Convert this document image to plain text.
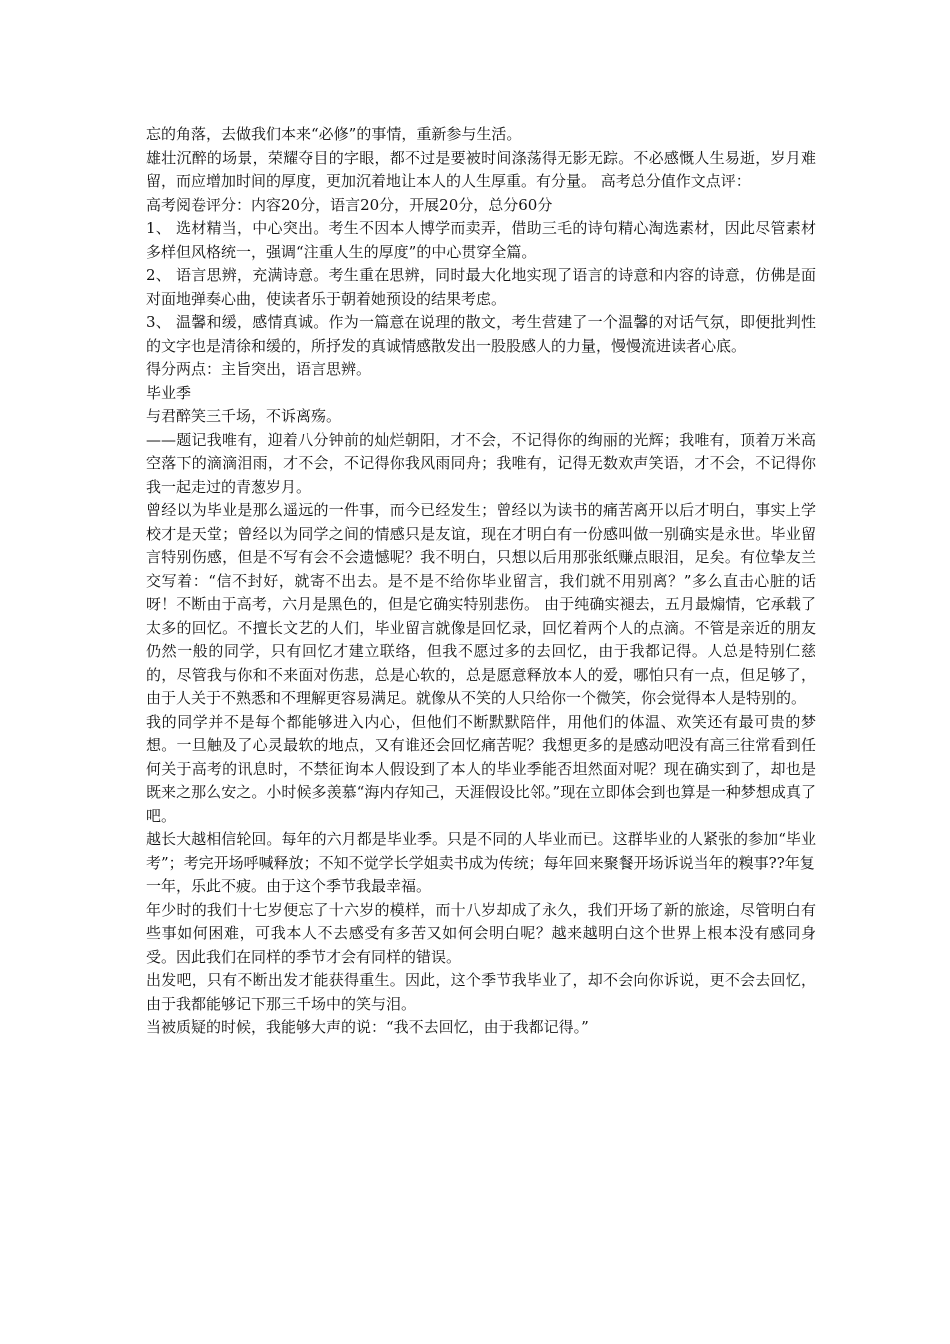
忘的角落，去做我们本来“必修”的事情，重新参与生活。

雄壮沉醉的场景，荣耀夺目的字眼，都不过是要被时间涤荡得无影无踪。不必感慨人生易逝，岁月难留，而应增加时间的厚度，更加沉着地让本人的人生厚重。有分量。 高考总分值作文点评：

高考阅卷评分：内容20分，语言20分，开展20分，总分60分

1、 选材精当，中心突出。考生不因本人博学而卖弄，借助三毛的诗句精心淘选素材，因此尽管素材多样但风格统一，强调“注重人生的厚度”的中心贯穿全篇。

2、 语言思辨，充满诗意。考生重在思辨，同时最大化地实现了语言的诗意和内容的诗意，仿佛是面对面地弹奏心曲，使读者乐于朝着她预设的结果考虑。

3、 温馨和缓，感情真诚。作为一篇意在说理的散文，考生营建了一个温馨的对话气氛，即便批判性的文字也是清徐和缓的，所抒发的真诚情感散发出一股股感人的力量，慢慢流进读者心底。

得分两点：主旨突出，语言思辨。

毕业季

与君醉笑三千场，不诉离殇。

——题记我唯有，迎着八分钟前的灿烂朝阳，才不会，不记得你的绚丽的光辉；我唯有，顶着万米高空落下的滴滴泪雨，才不会，不记得你我风雨同舟；我唯有，记得无数欢声笑语，才不会，不记得你我一起走过的青葱岁月。

曾经以为毕业是那么遥远的一件事，而今已经发生；曾经以为读书的痛苦离开以后才明白，事实上学校才是天堂；曾经以为同学之间的情感只是友谊，现在才明白有一份感叫做一别确实是永世。毕业留言特别伤感，但是不写有会不会遗憾呢？我不明白，只想以后用那张纸赚点眼泪，足矣。有位挚友兰交写着：“信不封好，就寄不出去。是不是不给你毕业留言，我们就不用别离？”多么直击心脏的话呀！不断由于高考，六月是黑色的，但是它确实特别悲伤。 由于纯确实褪去，五月最煽情，它承载了太多的回忆。不擅长文艺的人们，毕业留言就像是回忆录，回忆着两个人的点滴。不管是亲近的朋友仍然一般的同学，只有回忆才建立联络，但我不愿过多的去回忆，由于我都记得。人总是特别仁慈的，尽管我与你和不来面对伤悲，总是心软的，总是愿意释放本人的爱，哪怕只有一点，但足够了，由于人关于不熟悉和不理解更容易满足。就像从不笑的人只给你一个微笑，你会觉得本人是特别的。

我的同学并不是每个都能够进入内心，但他们不断默默陪伴，用他们的体温、欢笑还有最可贵的梦想。一旦触及了心灵最软的地点，又有谁还会回忆痛苦呢？我想更多的是感动吧没有高三往常看到任何关于高考的讯息时，不禁征询本人假设到了本人的毕业季能否坦然面对呢？现在确实到了，却也是既来之那么安之。小时候多羡慕“海内存知己，天涯假设比邻。”现在立即体会到也算是一种梦想成真了吧。

越长大越相信轮回。每年的六月都是毕业季。只是不同的人毕业而已。这群毕业的人紧张的参加“毕业考”；考完开场呼喊释放；不知不觉学长学姐卖书成为传统；每年回来聚餐开场诉说当年的糗事??年复

一年，乐此不疲。由于这个季节我最幸福。

年少时的我们十七岁便忘了十六岁的模样，而十八岁却成了永久，我们开场了新的旅途，尽管明白有些事如何困难，可我本人不去感受有多苦又如何会明白呢？越来越明白这个世界上根本没有感同身受。因此我们在同样的季节才会有同样的错误。

出发吧，只有不断出发才能获得重生。因此，这个季节我毕业了，却不会向你诉说，更不会去回忆，由于我都能够记下那三千场中的笑与泪。

当被质疑的时候，我能够大声的说：“我不去回忆，由于我都记得。”
